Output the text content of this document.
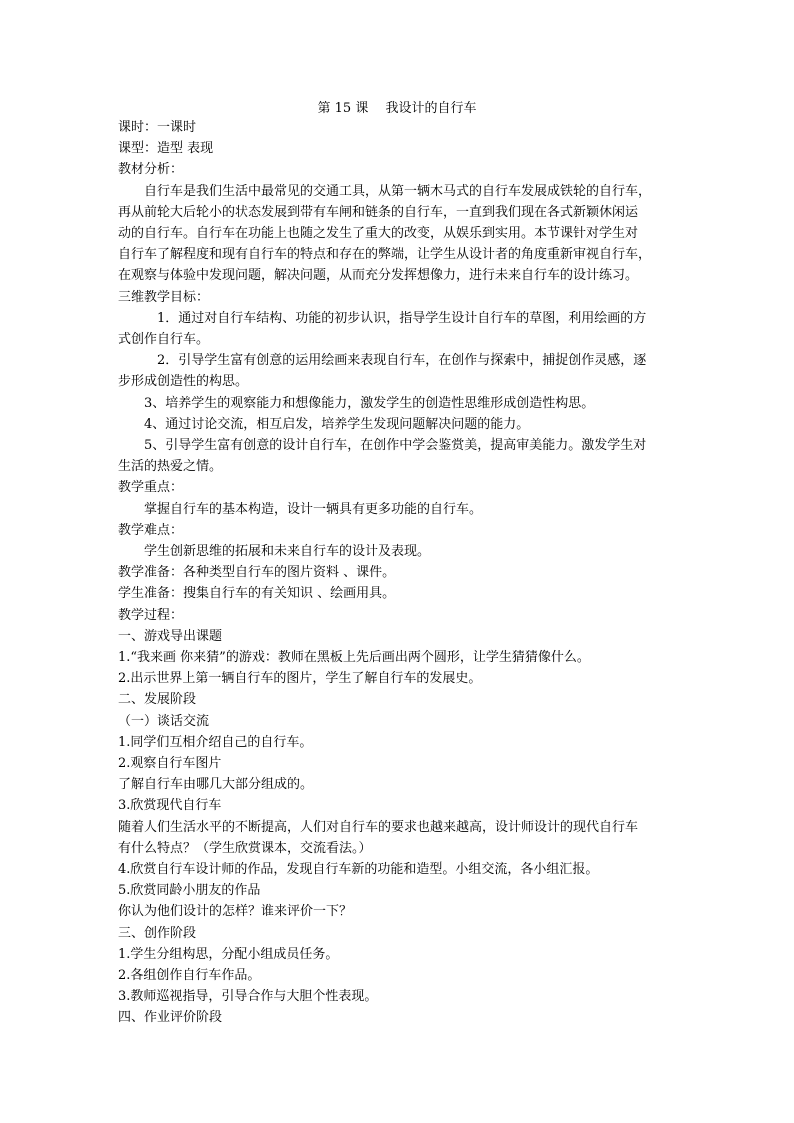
第 15 课　 我设计的自行车
课时：一课时
课型：造型 表现
教材分析：
　　自行车是我们生活中最常见的交通工具，从第一辆木马式的自行车发展成铁轮的自行车，
再从前轮大后轮小的状态发展到带有车闸和链条的自行车，一直到我们现在各式新颖休闲运
动的自行车。自行车在功能上也随之发生了重大的改变，从娱乐到实用。本节课针对学生对
自行车了解程度和现有自行车的特点和存在的弊端，让学生从设计者的角度重新审视自行车，
在观察与体验中发现问题，解决问题，从而充分发挥想像力，进行未来自行车的设计练习。
三维教学目标：
　　　1．通过对自行车结构、功能的初步认识，指导学生设计自行车的草图，利用绘画的方
式创作自行车。
　　　2．引导学生富有创意的运用绘画来表现自行车，在创作与探索中，捕捉创作灵感，逐
步形成创造性的构思。
　　3、培养学生的观察能力和想像能力，激发学生的创造性思维形成创造性构思。
　　4、通过讨论交流，相互启发，培养学生发现问题解决问题的能力。
　　5、引导学生富有创意的设计自行车，在创作中学会鉴赏美，提高审美能力。激发学生对
生活的热爱之情。
教学重点：
　　掌握自行车的基本构造，设计一辆具有更多功能的自行车。
教学难点：
　　学生创新思维的拓展和未来自行车的设计及表现。
教学准备：各种类型自行车的图片资料 、课件。
学生准备：搜集自行车的有关知识 、绘画用具。
教学过程：
一、游戏导出课题
1.“我来画 你来猜”的游戏：教师在黑板上先后画出两个圆形，让学生猜猜像什么。
2.出示世界上第一辆自行车的图片，学生了解自行车的发展史。
二、发展阶段
（一）谈话交流
1.同学们互相介绍自己的自行车。
2.观察自行车图片
了解自行车由哪几大部分组成的。
3.欣赏现代自行车
随着人们生活水平的不断提高，人们对自行车的要求也越来越高，设计师设计的现代自行车
有什么特点？（学生欣赏课本，交流看法。）
4.欣赏自行车设计师的作品，发现自行车新的功能和造型。小组交流，各小组汇报。
5.欣赏同龄小朋友的作品
你认为他们设计的怎样？谁来评价一下？
三、创作阶段
1.学生分组构思，分配小组成员任务。
2.各组创作自行车作品。
3.教师巡视指导，引导合作与大胆个性表现。
四、作业评价阶段
